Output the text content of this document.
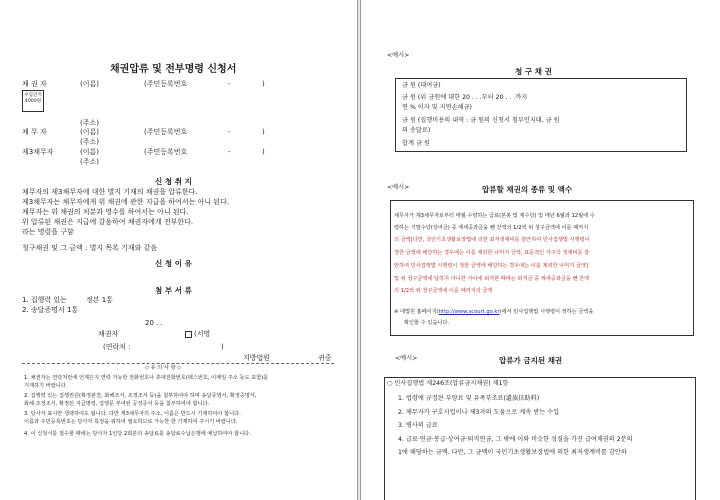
채권압류 및 전부명령 신청서
수입인지
4000원
채 권 자	(이름)	(주민등록번호	-	)
(주소)
채 무 자	(이름)	(주민등록번호	-	)
(주소)
제3채무자	(이름)	(주민등록번호	-	)
(주소)
신 청 취 지
채무자의 제3채무자에 대한 별지 기재의 채권을 압류한다.
제3채무자는 채무자에게 위 채권에 관한 지급을 하여서는 아니 된다.
채무자는 위 채권의 처분과 영수를 하여서는 아니 된다.
위 압류된 채권은 지급에 갈음하여 채권자에게 전부한다.
라는 명령을 구함
청구채권 및 그 금액 : 별지 목록 기재와 같음
신 청 이 유
첨 부 서 류
1. 집행력 있는	정본 1통
2. 송달증명서 1통
20 . .
채권자	(서명
(연락처 :	)
지방법원	귀중
◇ 유 의 사 항 ◇
1. 채권자는 연락처란에 언제든지 연락 가능한 전화번호나 휴대전화번호(팩스번호, 이메일 주소 등도 포함)를
기재하기 바랍니다.
2. 집행력 있는 집행권원(확정판결, 화해조서, 조정조서 등)을 첨부하여야 하며 송달증명서, 확정증명서,
화해·조정조서, 확정된 지급명령, 집행문 부여된 공정증서 등을 첨부하여야 합니다.
3. 당사자 표시란 생략하여도 됩니다. 다만 제3채무자의 주소, 이름은 반드시 기재하여야 합니다.
이름과 주민등록번호는 당사자 특정을 위하여 필요하므로 가능한 한 기재하여 주시기 바랍니다.
4. 이 신청서를 접수할 때에는 당사자 1인당 2회분의 송달료를 송달료수납은행에 예납하여야 합니다.
<예시>
청 구 채 권
금 원 (대여금)
금 원 (위 금원에 대한 20 . . .부터 20 . . .까지
연 % 이자 및 지연손해금)
금 원 (집행비용의 내역 : 금 원의 신청서 첨부인지대, 금 원
의 송달료)
합계 금 원
<예시>	압류할 채권의 종류 및 액수
채무자가 제3채무자로부터 매월 수령하는 급료(본봉 및 제수당) 및 매년 6월과 12월에 수
령하는 기말수당(상여금) 중 제세공과금을 뺀 잔액의 1/2씩 위 청구금액에 이를 때까지
의 금액[다만, 국민기초생활보장법에 의한 최저생계비를 감안하여 민사집행법 시행령이
정한 금액에 해당하는 경우에는 이를 제외한 나머지 금액, 표준적인 가구의 생계비를 감
안하여 민사집행법 시행령이 정한 금액에 해당하는 경우에는 이를 제외한 나머지 금액]
및 위 청구금액에 달하지 아니한 사이에 퇴직한 때에는 퇴직금 중 제세공과금을 뺀 잔액
의 1/2씩 위 청구금액에 이를 때까지의 금액
※ 대법원 홈페이지(http://www.scourt.go.kr)에서 민사집행법 시행령이 정하는 금액을
확인할 수 있습니다.
<예시>	압류가 금지된 채권
○ 민사집행법 제246조(압류금지채권) 제1항
1. 법령에 규정된 부양료 및 유족부조료(遺族扶助料)
2. 채무자가 구호사업이나 제3자의 도움으로 계속 받는 수입
3. 병사의 급료
4. 급료·연금·봉급·상여금·퇴직연금, 그 밖에 이와 비슷한 성질을 가진 급여채권의 2분의
1에 해당하는 금액. 다만, 그 금액이 국민기초생활보장법에 의한 최저생계비를 감안하
